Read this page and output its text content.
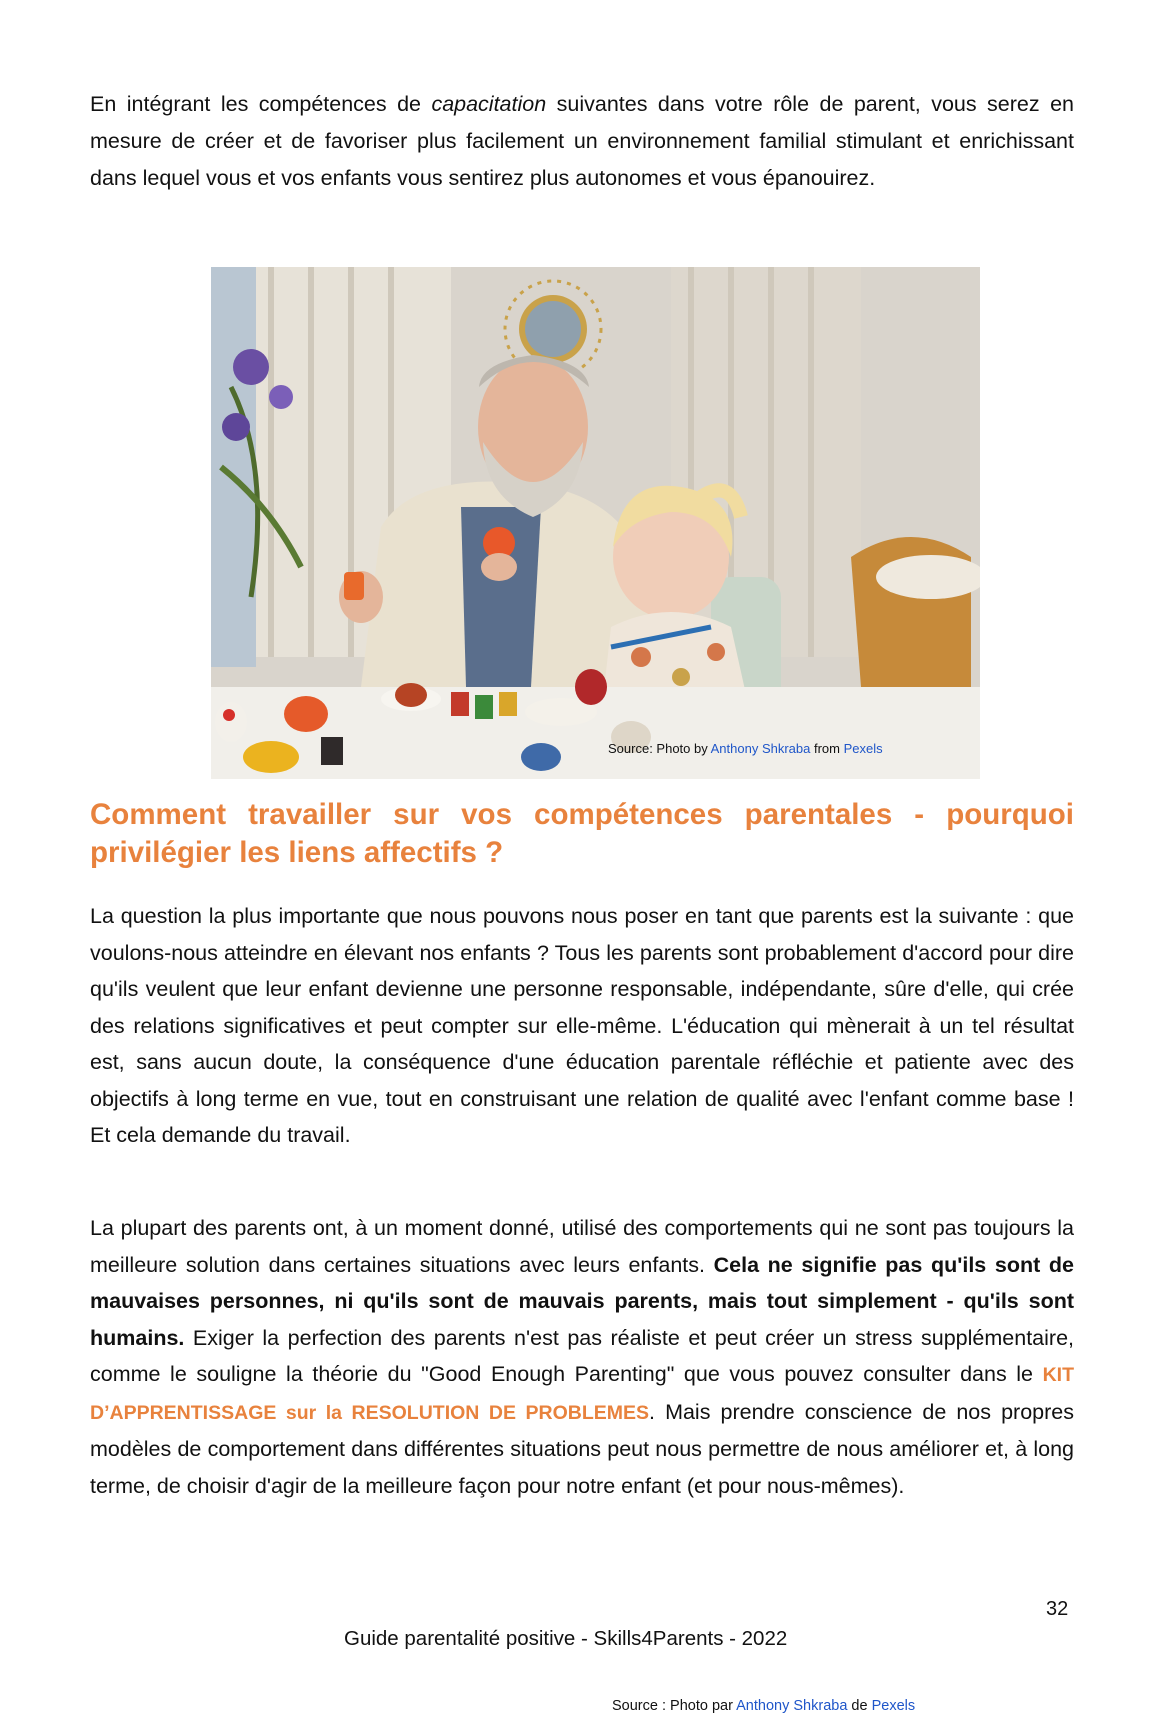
En intégrant les compétences de capacitation suivantes dans votre rôle de parent, vous serez en mesure de créer et de favoriser plus facilement un environnement familial stimulant et enrichissant dans lequel vous et vos enfants vous sentirez plus autonomes et vous épanouirez.

Source: Photo by Anthony Shkraba from Pexels
Comment travailler sur vos compétences parentales - pourquoi privilégier les liens affectifs ?

La question la plus importante que nous pouvons nous poser en tant que parents est la suivante : que voulons-nous atteindre en élevant nos enfants ? Tous les parents sont probablement d'accord pour dire qu'ils veulent que leur enfant devienne une personne responsable, indépendante, sûre d'elle, qui crée des relations significatives et peut compter sur elle-même. L'éducation qui mènerait à un tel résultat est, sans aucun doute, la conséquence d'une éducation parentale réfléchie et patiente avec des objectifs à long terme en vue, tout en construisant une relation de qualité avec l'enfant comme base ! Et cela demande du travail.

La plupart des parents ont, à un moment donné, utilisé des comportements qui ne sont pas toujours la meilleure solution dans certaines situations avec leurs enfants. Cela ne signifie pas qu'ils sont de mauvaises personnes, ni qu'ils sont de mauvais parents, mais tout simplement - qu'ils sont humains. Exiger la perfection des parents n'est pas réaliste et peut créer un stress supplémentaire, comme le souligne la théorie du "Good Enough Parenting" que vous pouvez consulter dans le KIT D’APPRENTISSAGE sur la RESOLUTION DE PROBLEMES. Mais prendre conscience de nos propres modèles de comportement dans différentes situations peut nous permettre de nous améliorer et, à long terme, de choisir d'agir de la meilleure façon pour notre enfant (et pour nous-mêmes).

32
Guide parentalité positive - Skills4Parents - 2022
Source : Photo par Anthony Shkraba de Pexels
